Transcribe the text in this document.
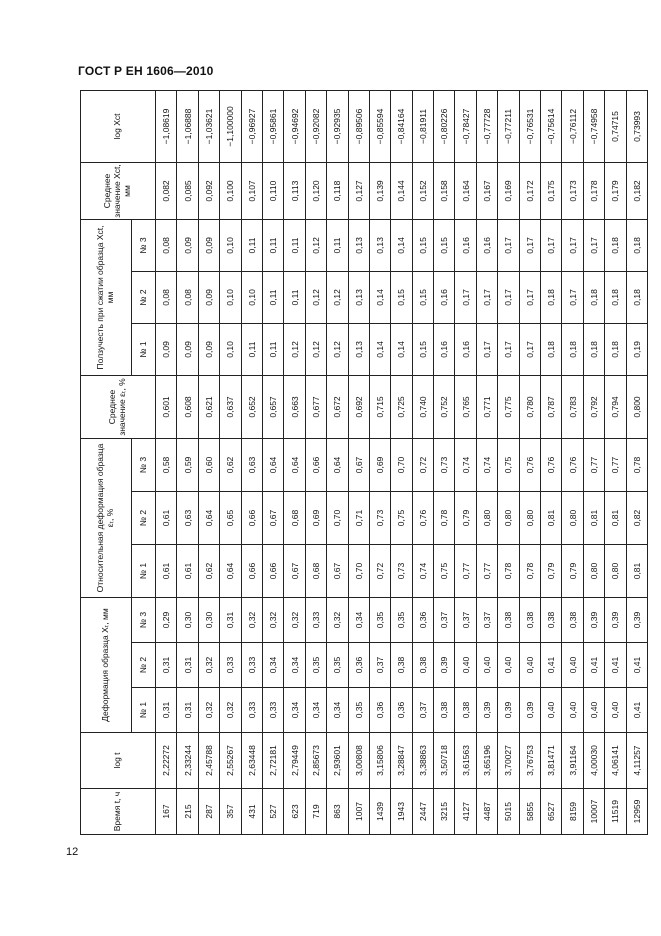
ГОСТ Р ЕН 1606—2010
Время t, ч	log t	Деформация образца Xₜ, мм			Относительная деформация образца εₜ, %			Среднее значение εₜ, %	Ползучесть при сжатии образца Xct, мм			Среднее значение Xct, мм	log Xct
		№ 1	№ 2	№ 3	№ 1	№ 2	№ 3		№ 1	№ 2	№ 3		
167	2,22272	0,31	0,31	0,29	0,61	0,61	0,58	0,601	0,09	0,08	0,08	0,082	−1,08619
215	2,33244	0,31	0,31	0,30	0,61	0,63	0,59	0,608	0,09	0,08	0,09	0,085	−1,06888
287	2,45788	0,32	0,32	0,30	0,62	0,64	0,60	0,621	0,09	0,09	0,09	0,092	−1,03621
357	2,55267	0,32	0,33	0,31	0,64	0,65	0,62	0,637	0,10	0,10	0,10	0,100	−1,100000
431	2,63448	0,33	0,33	0,32	0,66	0,66	0,63	0,652	0,11	0,10	0,11	0,107	−0,96927
527	2,72181	0,33	0,34	0,32	0,66	0,67	0,64	0,657	0,11	0,11	0,11	0,110	−0,95861
623	2,79449	0,34	0,34	0,32	0,67	0,68	0,64	0,663	0,12	0,11	0,11	0,113	−0,94692
719	2,85673	0,34	0,35	0,33	0,68	0,69	0,66	0,677	0,12	0,12	0,12	0,120	−0,92082
863	2,93601	0,34	0,35	0,32	0,67	0,70	0,64	0,672	0,12	0,12	0,11	0,118	−0,92935
1007	3,00808	0,35	0,36	0,34	0,70	0,71	0,67	0,692	0,13	0,13	0,13	0,127	−0,89506
1439	3,15806	0,36	0,37	0,35	0,72	0,73	0,69	0,715	0,14	0,14	0,13	0,139	−0,85594
1943	3,28847	0,36	0,38	0,35	0,73	0,75	0,70	0,725	0,14	0,15	0,14	0,144	−0,84164
2447	3,38863	0,37	0,38	0,36	0,74	0,76	0,72	0,740	0,15	0,15	0,15	0,152	−0,81911
3215	3,50718	0,38	0,39	0,37	0,75	0,78	0,73	0,752	0,16	0,16	0,15	0,158	−0,80226
4127	3,61563	0,38	0,40	0,37	0,77	0,79	0,74	0,765	0,16	0,17	0,16	0,164	−0,78427
4487	3,65196	0,39	0,40	0,37	0,77	0,80	0,74	0,771	0,17	0,17	0,16	0,167	−0,77728
5015	3,70027	0,39	0,40	0,38	0,78	0,80	0,75	0,775	0,17	0,17	0,17	0,169	−0,77211
5855	3,76753	0,39	0,40	0,38	0,78	0,80	0,76	0,780	0,17	0,17	0,17	0,172	−0,76531
6527	3,81471	0,40	0,41	0,38	0,79	0,81	0,76	0,787	0,18	0,18	0,17	0,175	−0,75614
8159	3,91164	0,40	0,40	0,38	0,79	0,80	0,76	0,783	0,18	0,17	0,17	0,173	−0,76112
10007	4,00030	0,40	0,41	0,39	0,80	0,81	0,77	0,792	0,18	0,18	0,17	0,178	−0,74958
11519	4,06141	0,40	0,41	0,39	0,80	0,81	0,77	0,794	0,18	0,18	0,18	0,179	0,74715
12959	4,11257	0,41	0,41	0,39	0,81	0,82	0,78	0,800	0,19	0,18	0,18	0,182	0,73993
12
